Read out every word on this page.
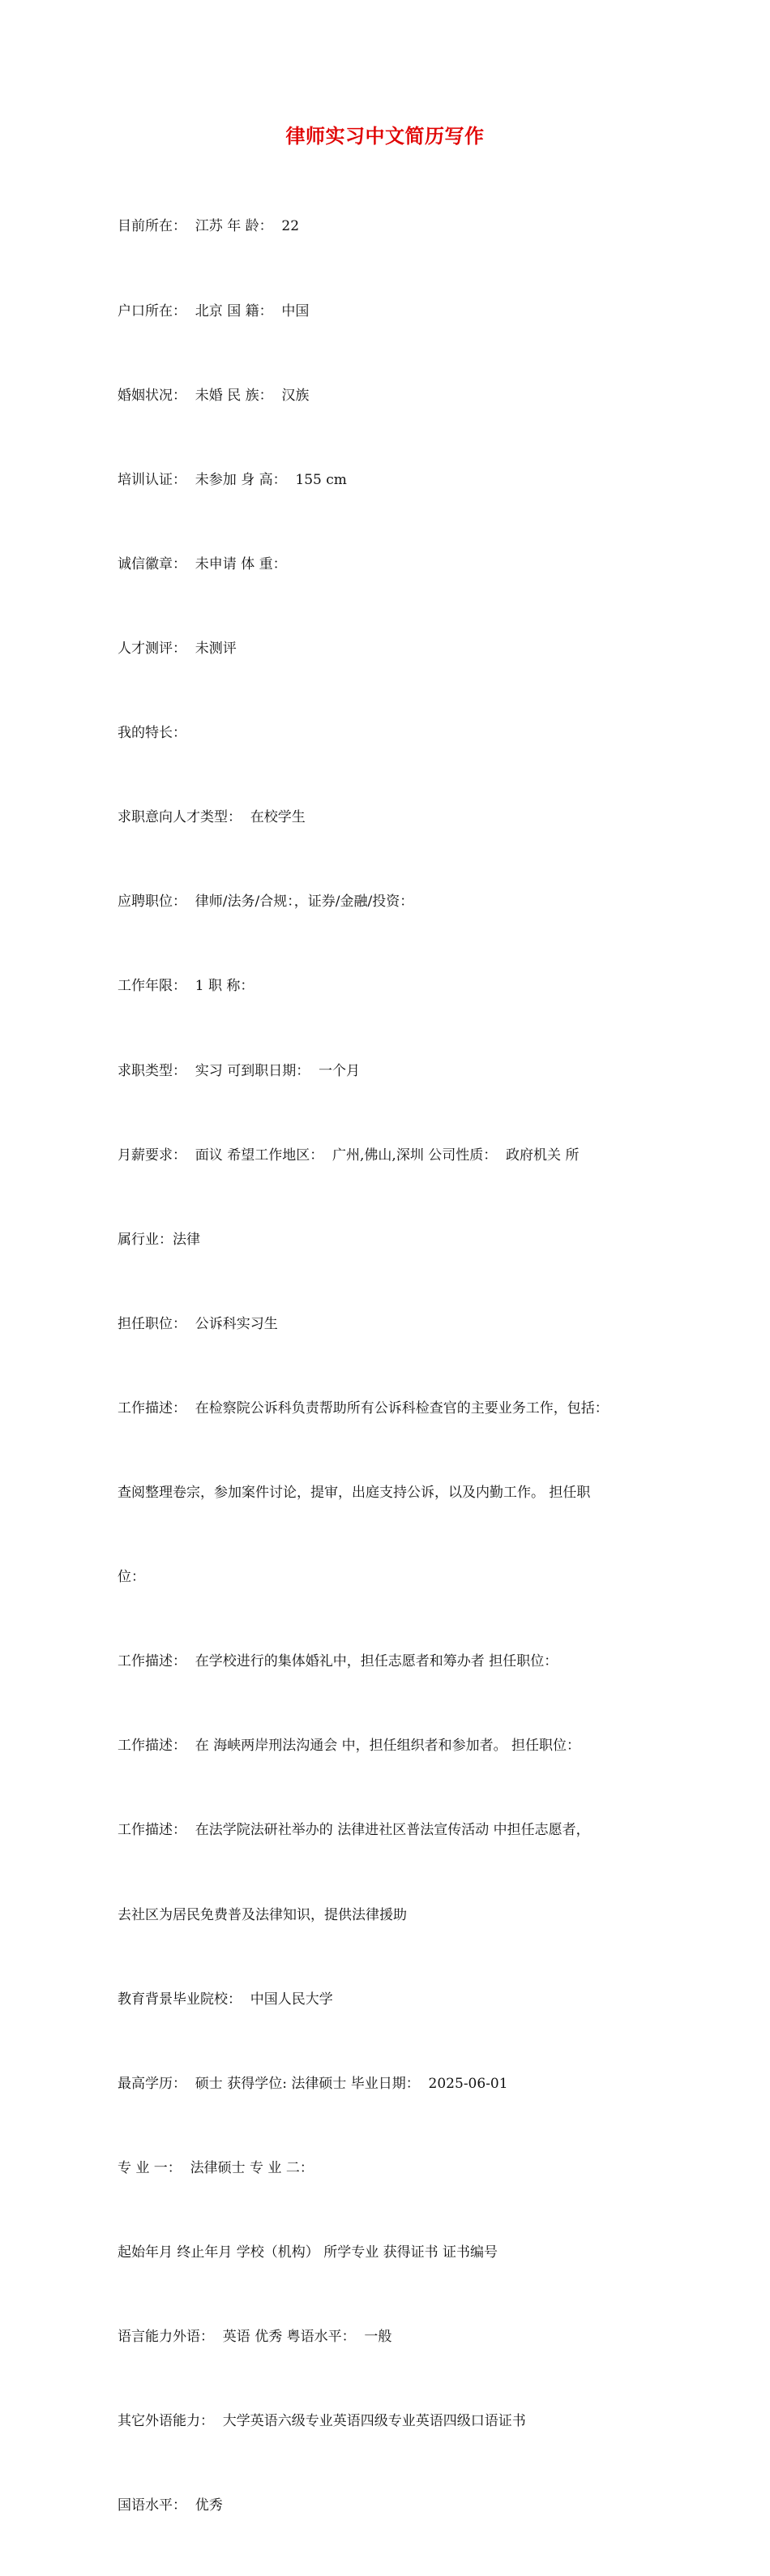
律师实习中文简历写作

目前所在：  江苏 年 龄：  22

户口所在：  北京 国 籍：  中国

婚姻状况：  未婚 民 族：  汉族

培训认证：  未参加 身 高：  155 cm

诚信徽章：  未申请 体 重：

人才测评：  未测评

我的特长：

求职意向人才类型：  在校学生

应聘职位：  律师/法务/合规：，证券/金融/投资：

工作年限：  1 职 称：

求职类型：  实习 可到职日期：  一个月

月薪要求：  面议 希望工作地区：  广州,佛山,深圳 公司性质：  政府机关 所

属行业：法律

担任职位：  公诉科实习生

工作描述：  在检察院公诉科负责帮助所有公诉科检查官的主要业务工作，包括：

查阅整理卷宗，参加案件讨论，提审，出庭支持公诉，以及内勤工作。 担任职

位：

工作描述：  在学校进行的集体婚礼中，担任志愿者和筹办者 担任职位：

工作描述：  在 海峡两岸刑法沟通会 中，担任组织者和参加者。 担任职位：

工作描述：  在法学院法研社举办的 法律进社区普法宣传活动 中担任志愿者，

去社区为居民免费普及法律知识，提供法律援助

教育背景毕业院校：  中国人民大学

最高学历：  硕士 获得学位: 法律硕士 毕业日期：  2025-06-01

专 业 一：  法律硕士 专 业 二：

起始年月 终止年月 学校（机构） 所学专业 获得证书 证书编号

语言能力外语：  英语 优秀 粤语水平：  一般

其它外语能力：  大学英语六级专业英语四级专业英语四级口语证书

国语水平：  优秀
